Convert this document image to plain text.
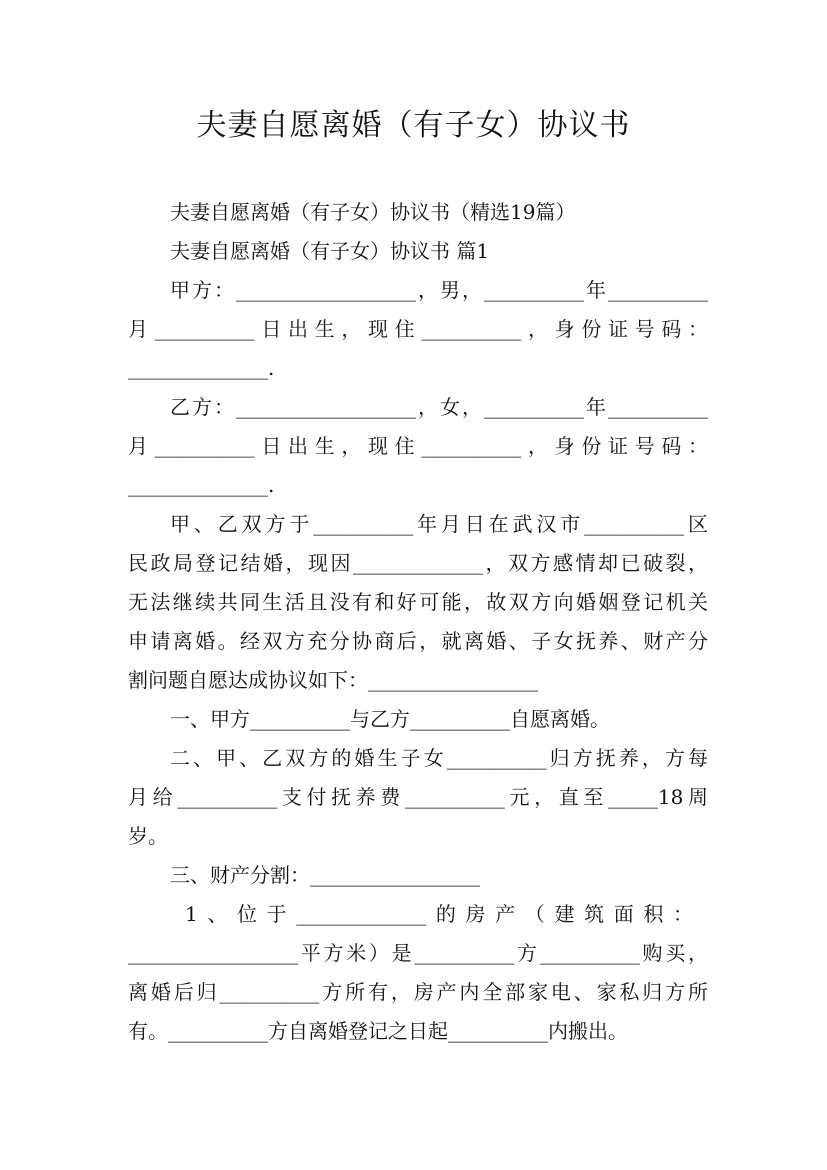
夫妻自愿离婚（有子女）协议书
夫妻自愿离婚（有子女）协议书（精选19篇）
夫妻自愿离婚（有子女）协议书 篇1
甲方：__________________，男，__________年__________
月__________日出生，现住__________，身份证号码：
______________.
乙方：__________________，女，__________年__________
月__________日出生，现住__________，身份证号码：
______________.
甲、乙双方于__________年月日在武汉市__________区
民政局登记结婚，现因_____________，双方感情却已破裂，
无法继续共同生活且没有和好可能，故双方向婚姻登记机关
申请离婚。经双方充分协商后，就离婚、子女抚养、财产分
割问题自愿达成协议如下：_________________
一、甲方__________与乙方__________自愿离婚。
二、甲、乙双方的婚生子女__________归方抚养，方每
月给__________支付抚养费__________元，直至_____18周
岁。
三、财产分割：_________________
1、位于_____________的房产（建筑面积：
_________________平方米）是__________方__________购买，
离婚后归__________方所有，房产内全部家电、家私归方所
有。__________方自离婚登记之日起__________内搬出。
